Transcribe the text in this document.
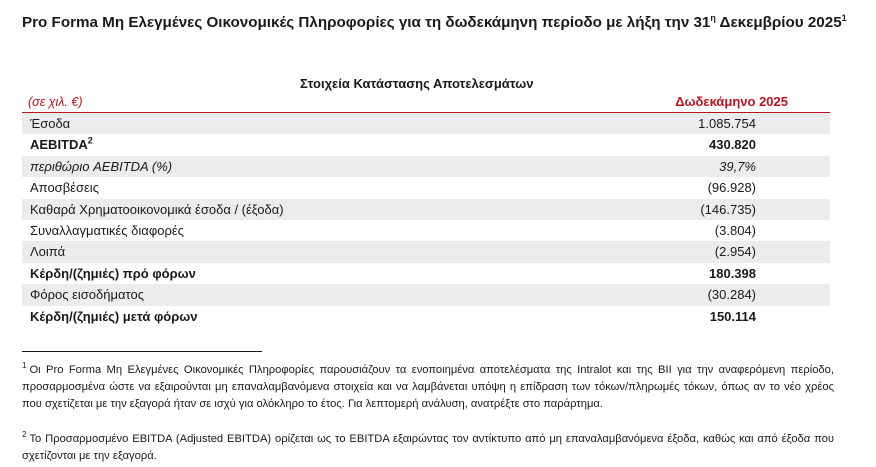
Pro Forma Μη Ελεγμένες Οικονομικές Πληροφορίες για τη δωδεκάμηνη περίοδο με λήξη την $31^\eta$ Δεκεμβρίου 2025$^1$
Στοιχεία Κατάστασης Αποτελεσμάτων
(σε χιλ. €)	Δωδεκάμηνο 2025
Έσοδα	1.085.754
AEBITDA$^2$	430.820
περιθώριο AEBITDA (%)	39,7%
Αποσβέσεις	(96.928)
Καθαρά Χρηματοοικονομικά έσοδα / (έξοδα)	(146.735)
Συναλλαγματικές διαφορές	(3.804)
Λοιπά	(2.954)
Κέρδη/(ζημιές) πρό φόρων	180.398
Φόρος εισοδήματος	(30.284)
Κέρδη/(ζημιές) μετά φόρων	150.114
$^1$ Οι Pro Forma Μη Ελεγμένες Οικονομικές Πληροφορίες παρουσιάζουν τα ενοποιημένα αποτελέσματα της Intralot και της BII για την αναφερόμενη περίοδο, προσαρμοσμένα ώστε να εξαιρούνται μη επαναλαμβανόμενα στοιχεία και να λαμβάνεται υπόψη η επίδραση των τόκων/πληρωμές τόκων, όπως αν το νέο χρέος που σχετίζεται με την εξαγορά ήταν σε ισχύ για ολόκληρο το έτος. Για λεπτομερή ανάλυση, ανατρέξτε στο παράρτημα.
$^2$ Το Προσαρμοσμένο EBITDA (Adjusted EBITDA) ορίζεται ως το EBITDA εξαιρώντας τον αντίκτυπο από μη επαναλαμβανόμενα έξοδα, καθώς και από έξοδα που σχετίζονται με την εξαγορά.
